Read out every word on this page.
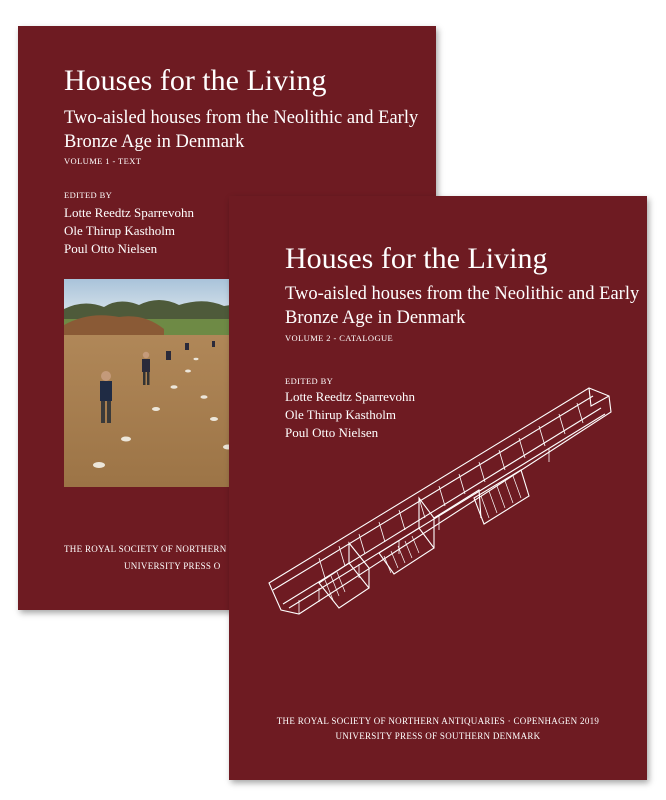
Houses for the Living
Two-aisled houses from the Neolithic and Early Bronze Age in Denmark
VOLUME 1 - TEXT
EDITED BY
Lotte Reedtz Sparrevohn
Ole Thirup Kastholm
Poul Otto Nielsen
THE ROYAL SOCIETY OF NORTHERN
UNIVERSITY PRESS O
Houses for the Living
Two-aisled houses from the Neolithic and Early Bronze Age in Denmark
VOLUME 2 - CATALOGUE
EDITED BY
Lotte Reedtz Sparrevohn
Ole Thirup Kastholm
Poul Otto Nielsen
THE ROYAL SOCIETY OF NORTHERN ANTIQUARIES · COPENHAGEN 2019
UNIVERSITY PRESS OF SOUTHERN DENMARK
